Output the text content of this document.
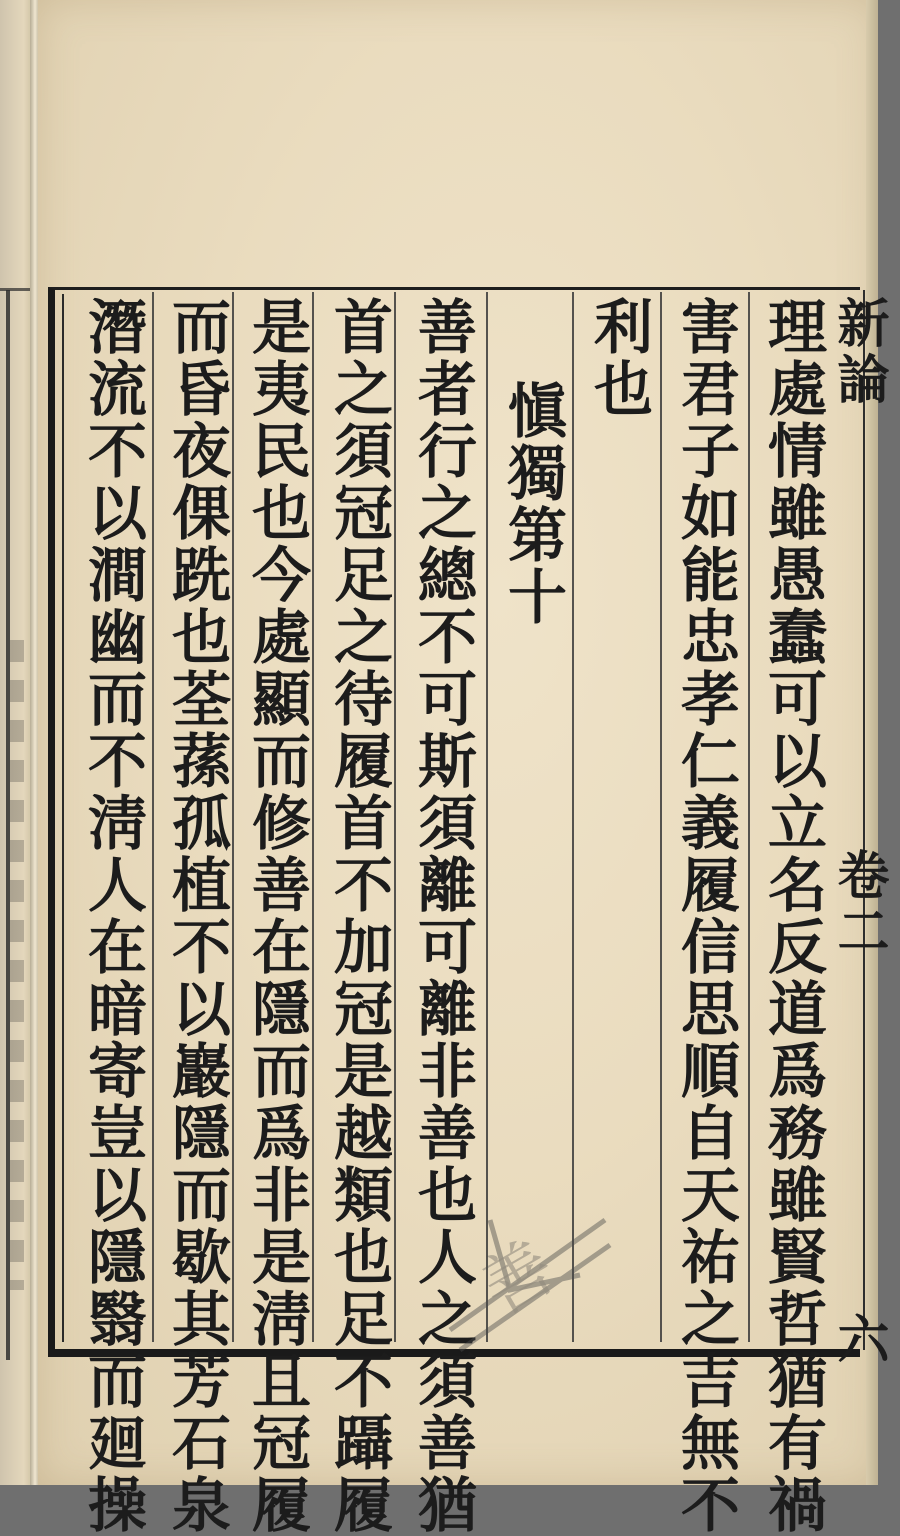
新論
卷二
六
理處情雖愚蠢可以立名反道爲務雖賢哲猶有禍
害君子如能忠孝仁義履信思順自天祐之吉無不
利也
愼獨第十
善者行之總不可斯須離可離非善也人之須善猶
首之須冠足之待履首不加冠是越類也足不躡履
是夷民也今處顯而修善在隱而爲非是淸且冠履
而昏夜倮跣也荃蓀孤植不以巖隱而歇其芳石泉
潛流不以澗幽而不淸人在暗寄豈以隱翳而廻操	善
